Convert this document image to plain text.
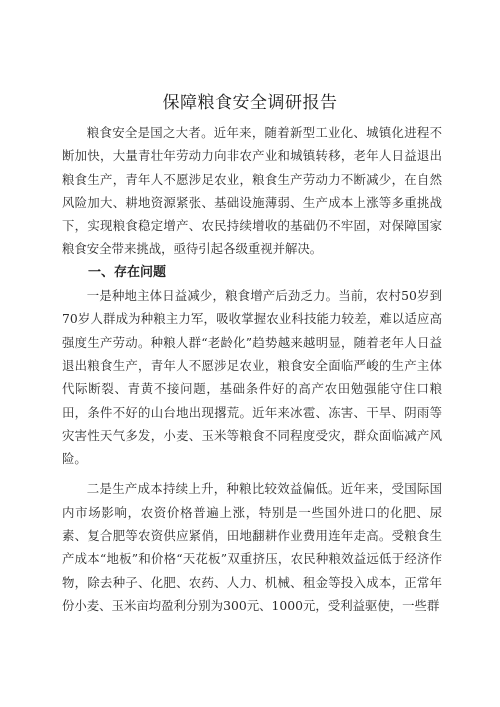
保障粮食安全调研报告

粮食安全是国之大者。近年来，随着新型工业化、城镇化进程不断加快，大量青壮年劳动力向非农产业和城镇转移，老年人日益退出粮食生产，青年人不愿涉足农业，粮食生产劳动力不断减少，在自然风险加大、耕地资源紧张、基础设施薄弱、生产成本上涨等多重挑战下，实现粮食稳定增产、农民持续增收的基础仍不牢固，对保障国家粮食安全带来挑战，亟待引起各级重视并解决。

一、存在问题

一是种地主体日益减少，粮食增产后劲乏力。当前，农村50岁到70岁人群成为种粮主力军，吸收掌握农业科技能力较差，难以适应高强度生产劳动。种粮人群“老龄化”趋势越来越明显，随着老年人日益退出粮食生产，青年人不愿涉足农业，粮食安全面临严峻的生产主体代际断裂、青黄不接问题，基础条件好的高产农田勉强能守住口粮田，条件不好的山台地出现撂荒。近年来冰雹、冻害、干旱、阴雨等灾害性天气多发，小麦、玉米等粮食不同程度受灾，群众面临减产风险。

二是生产成本持续上升，种粮比较效益偏低。近年来，受国际国内市场影响，农资价格普遍上涨，特别是一些国外进口的化肥、尿素、复合肥等农资供应紧俏，田地翻耕作业费用连年走高。受粮食生产成本“地板”和价格“天花板”双重挤压，农民种粮效益远低于经济作物，除去种子、化肥、农药、人力、机械、租金等投入成本，正常年份小麦、玉米亩均盈利分别为300元、1000元，受利益驱使，一些群
